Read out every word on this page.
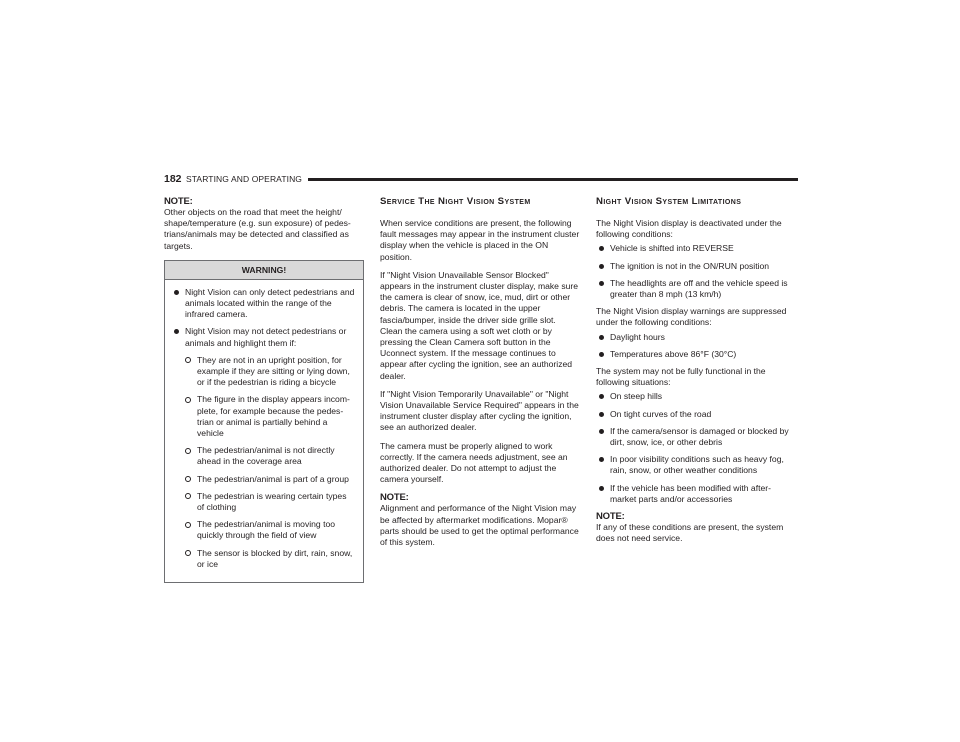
182 STARTING AND OPERATING
NOTE:

Other objects on the road that meet the height/ shape/temperature (e.g. sun exposure) of pedes-trians/animals may be detected and classified as targets.

WARNING!
Night Vision can only detect pedestrians and animals located within the range of the infrared camera.
Night Vision may not detect pedestrians or animals and highlight them if:
They are not in an upright position, for example if they are sitting or lying down, or if the pedestrian is riding a bicycle
The figure in the display appears incom-plete, for example because the pedes-trian or animal is partially behind a vehicle
The pedestrian/animal is not directly ahead in the coverage area
The pedestrian/animal is part of a group
The pedestrian is wearing certain types of clothing
The pedestrian/animal is moving too quickly through the field of view
The sensor is blocked by dirt, rain, snow, or ice
Service The Night Vision System

When service conditions are present, the following fault messages may appear in the instrument cluster display when the vehicle is placed in the ON position.

If "Night Vision Unavailable Sensor Blocked" appears in the instrument cluster display, make sure the camera is clear of snow, ice, mud, dirt or other debris. The camera is located in the upper fascia/bumper, inside the driver side grille slot. Clean the camera using a soft wet cloth or by pressing the Clean Camera soft button in the Uconnect system. If the message continues to appear after cycling the ignition, see an authorized dealer.

If "Night Vision Temporarily Unavailable" or "Night Vision Unavailable Service Required" appears in the instrument cluster display after cycling the ignition, see an authorized dealer.

The camera must be properly aligned to work correctly. If the camera needs adjustment, see an authorized dealer. Do not attempt to adjust the camera yourself.

NOTE:

Alignment and performance of the Night Vision may be affected by aftermarket modifications. Mopar® parts should be used to get the optimal performance of this system.

Night Vision System Limitations

The Night Vision display is deactivated under the following conditions:

Vehicle is shifted into REVERSE
The ignition is not in the ON/RUN position
The headlights are off and the vehicle speed is greater than 8 mph (13 km/h)

The Night Vision display warnings are suppressed under the following conditions:

Daylight hours
Temperatures above 86°F (30°C)

The system may not be fully functional in the following situations:

On steep hills
On tight curves of the road
If the camera/sensor is damaged or blocked by dirt, snow, ice, or other debris
In poor visibility conditions such as heavy fog, rain, snow, or other weather conditions
If the vehicle has been modified with after-market parts and/or accessories
NOTE:

If any of these conditions are present, the system does not need service.
